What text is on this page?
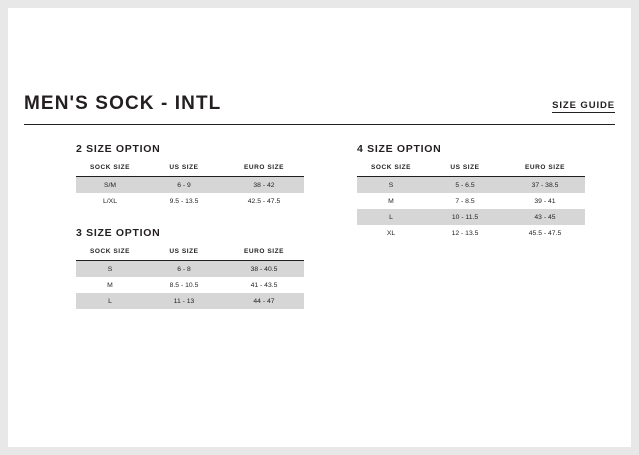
MEN'S SOCK - INTL	SIZE GUIDE
2 SIZE OPTION
SOCK SIZE	US SIZE	EURO SIZE
S/M	6 - 9	38 - 42
L/XL	9.5 - 13.5	42.5 - 47.5
3 SIZE OPTION
SOCK SIZE	US SIZE	EURO SIZE
S	6 - 8	38 - 40.5
M	8.5 - 10.5	41 - 43.5
L	11 - 13	44 - 47
4 SIZE OPTION
SOCK SIZE	US SIZE	EURO SIZE
S	5 - 6.5	37 - 38.5
M	7 - 8.5	39 - 41
L	10 - 11.5	43 - 45
XL	12 - 13.5	45.5 - 47.5
